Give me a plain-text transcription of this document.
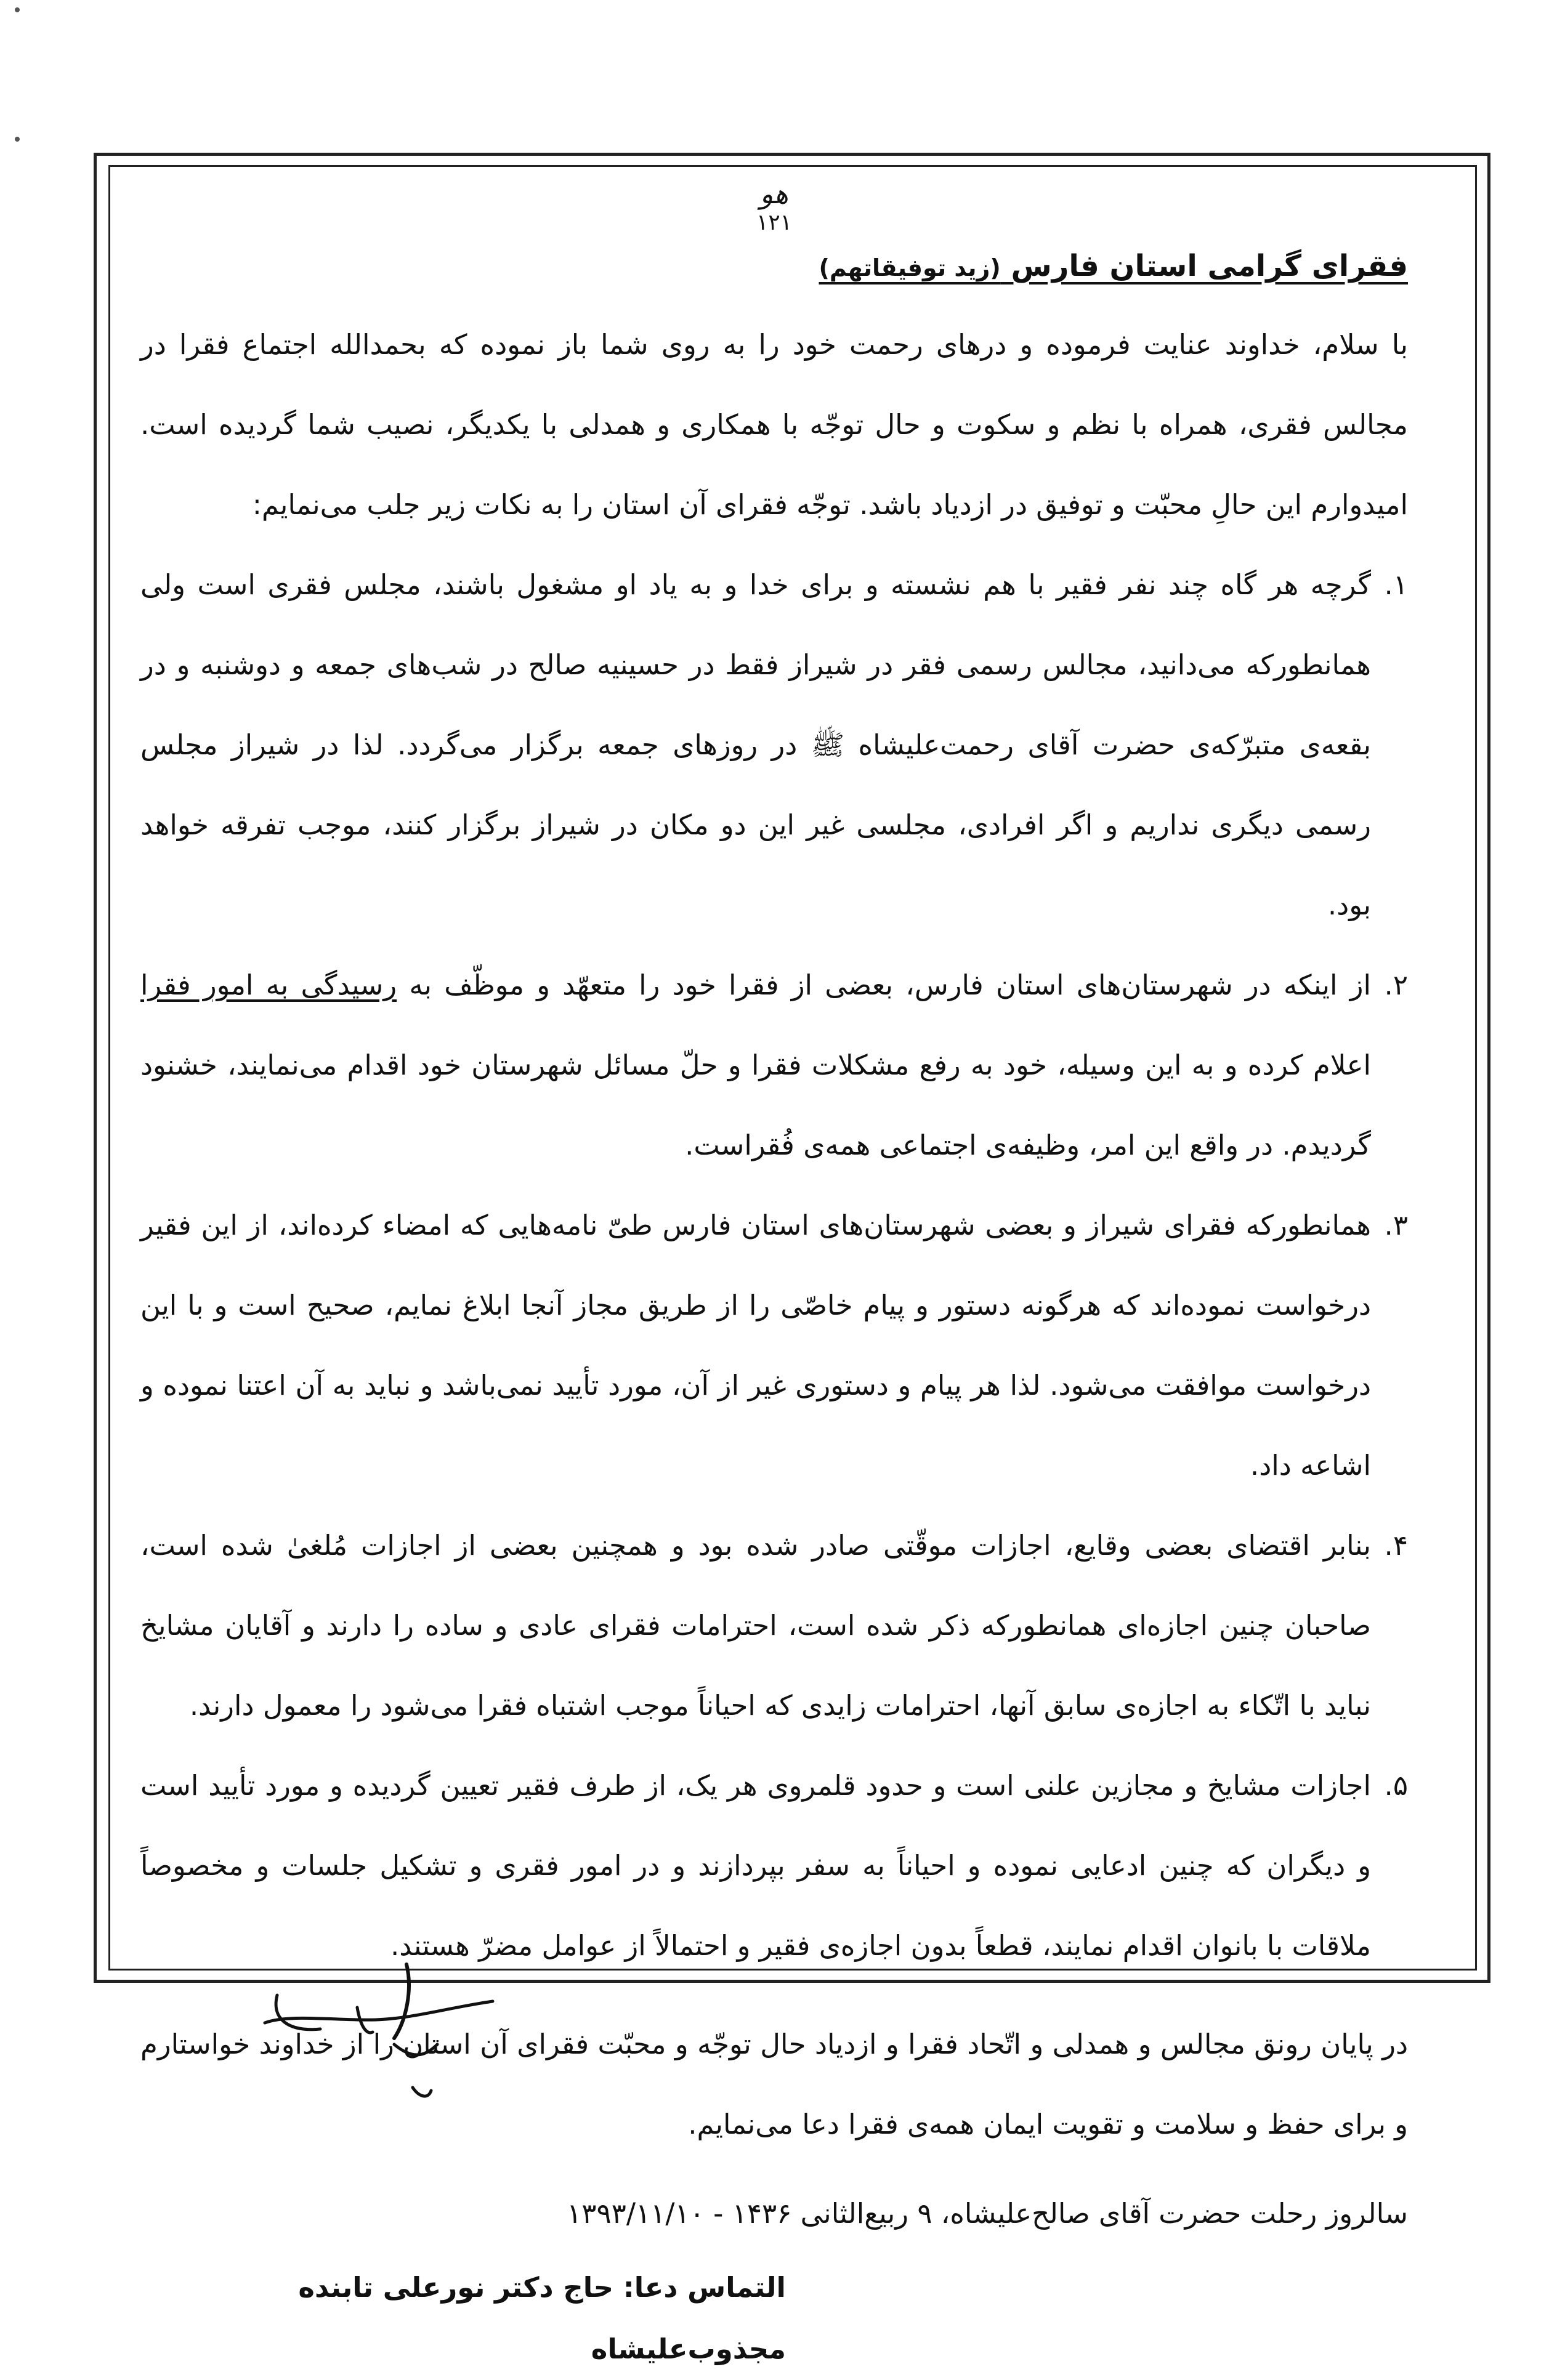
هو
۱۲۱
فقرای گرامی استان فارس (زید توفیقاتهم)

با سلام، خداوند عنایت فرموده و درهای رحمت خود را به روی شما باز نموده که بحمدالله اجتماع فقرا در مجالس فقری، همراه با نظم و سکوت و حال توجّه با همکاری و همدلی با یکدیگر، نصیب شما گردیده است. امیدوارم این حالِ محبّت و توفیق در ازدیاد باشد. توجّه فقرای آن استان را به نکات زیر جلب می‌نمایم:

۱.
گرچه هر گاه چند نفر فقیر با هم نشسته و برای خدا و به یاد او مشغول باشند، مجلس فقری است ولی همانطورکه می‌دانید، مجالس رسمی فقر در شیراز فقط در حسینیه صالح در شب‌های جمعه و دوشنبه و در بقعه‌ی متبرّکه‌ی حضرت آقای رحمت‌علیشاه ﷺ در روزهای جمعه برگزار می‌گردد. لذا در شیراز مجلس رسمی دیگری نداریم و اگر افرادی، مجلسی غیر این دو مکان در شیراز برگزار کنند، موجب تفرقه خواهد بود.
۲.
از اینکه در شهرستان‌های استان فارس، بعضی از فقرا خود را متعهّد و موظّف به رسیدگی به امور فقرا اعلام کرده و به این وسیله، خود به رفع مشکلات فقرا و حلّ مسائل شهرستان خود اقدام می‌نمایند، خشنود گردیدم. در واقع این امر، وظیفه‌ی اجتماعی همه‌ی فُقراست.
۳.
همانطورکه فقرای شیراز و بعضی شهرستان‌های استان فارس طیّ نامه‌هایی که امضاء کرده‌اند، از این فقیر درخواست نموده‌اند که هرگونه دستور و پیام خاصّی را از طریق مجاز آنجا ابلاغ نمایم، صحیح است و با این درخواست موافقت می‌شود. لذا هر پیام و دستوری غیر از آن، مورد تأیید نمی‌باشد و نباید به آن اعتنا نموده و اشاعه داد.
۴.
بنابر اقتضای بعضی وقایع، اجازات موقّتی صادر شده بود و همچنین بعضی از اجازات مُلغیٰ شده است، صاحبان چنین اجازه‌ای همانطورکه ذکر شده است، احترامات فقرای عادی و ساده را دارند و آقایان مشایخ نباید با اتّکاء به اجازه‌ی سابق آنها، احترامات زایدی که احیاناً موجب اشتباه فقرا می‌شود را معمول دارند.
۵.
اجازات مشایخ و مجازین علنی است و حدود قلمروی هر یک، از طرف فقیر تعیین گردیده و مورد تأیید است و دیگران که چنین ادعایی نموده و احیاناً به سفر بپردازند و در امور فقری و تشکیل جلسات و مخصوصاً ملاقات با بانوان اقدام نمایند، قطعاً بدون اجازه‌ی فقیر و احتمالاً از عوامل مضرّ هستند.

در پایان رونق مجالس و همدلی و اتّحاد فقرا و ازدیاد حال توجّه و محبّت فقرای آن استان را از خداوند خواستارم و برای حفظ و سلامت و تقویت ایمان همه‌ی فقرا دعا می‌نمایم.

سالروز رحلت حضرت آقای صالح‌علیشاه، ۹ ربیع‌الثانی ۱۴۳۶ - ۱۳۹۳/۱۱/۱۰
التماس دعا: حاج دکتر نورعلی تابنده مجذوب‌علیشاه
